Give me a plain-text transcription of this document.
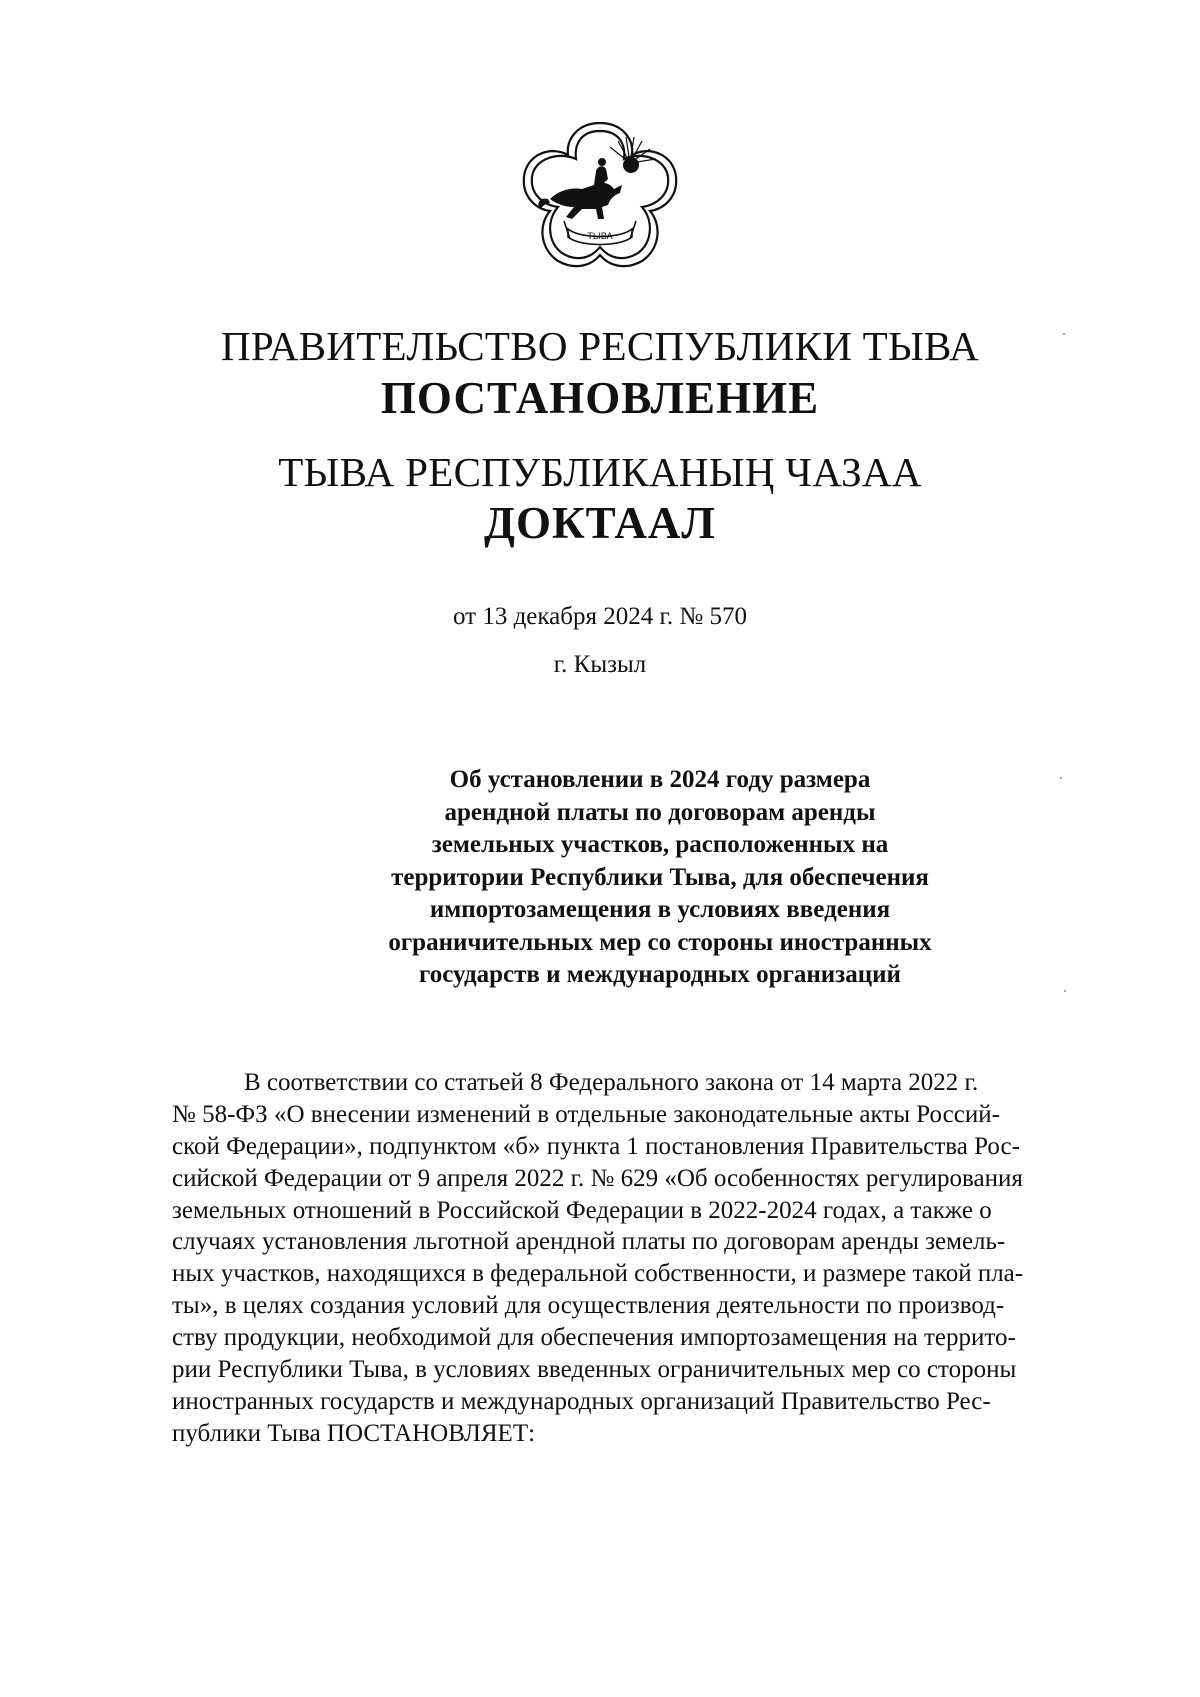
ТЫВА
ПРАВИТЕЛЬСТВО РЕСПУБЛИКИ ТЫВА
ПОСТАНОВЛЕНИЕ
ТЫВА РЕСПУБЛИКАНЫҢ ЧАЗАА
ДОКТААЛ
от 13 декабря 2024 г. № 570
г. Кызыл
Об установлении в 2024 году размера
арендной платы по договорам аренды
земельных участков, расположенных на
территории Республики Тыва, для обеспечения
импортозамещения в условиях введения
ограничительных мер со стороны иностранных
государств и международных организаций
В соответствии со статьей 8 Федерального закона от 14 марта 2022 г.
№ 58-ФЗ «О внесении изменений в отдельные законодательные акты Россий-
ской Федерации», подпунктом «б» пункта 1 постановления Правительства Рос-
сийской Федерации от 9 апреля 2022 г. № 629 «Об особенностях регулирования
земельных отношений в Российской Федерации в 2022-2024 годах, а также о
случаях установления льготной арендной платы по договорам аренды земель-
ных участков, находящихся в федеральной собственности, и размере такой пла-
ты», в целях создания условий для осуществления деятельности по производ-
ству продукции, необходимой для обеспечения импортозамещения на террито-
рии Республики Тыва, в условиях введенных ограничительных мер со стороны
иностранных государств и международных организаций Правительство Рес-
публики Тыва ПОСТАНОВЛЯЕТ:
